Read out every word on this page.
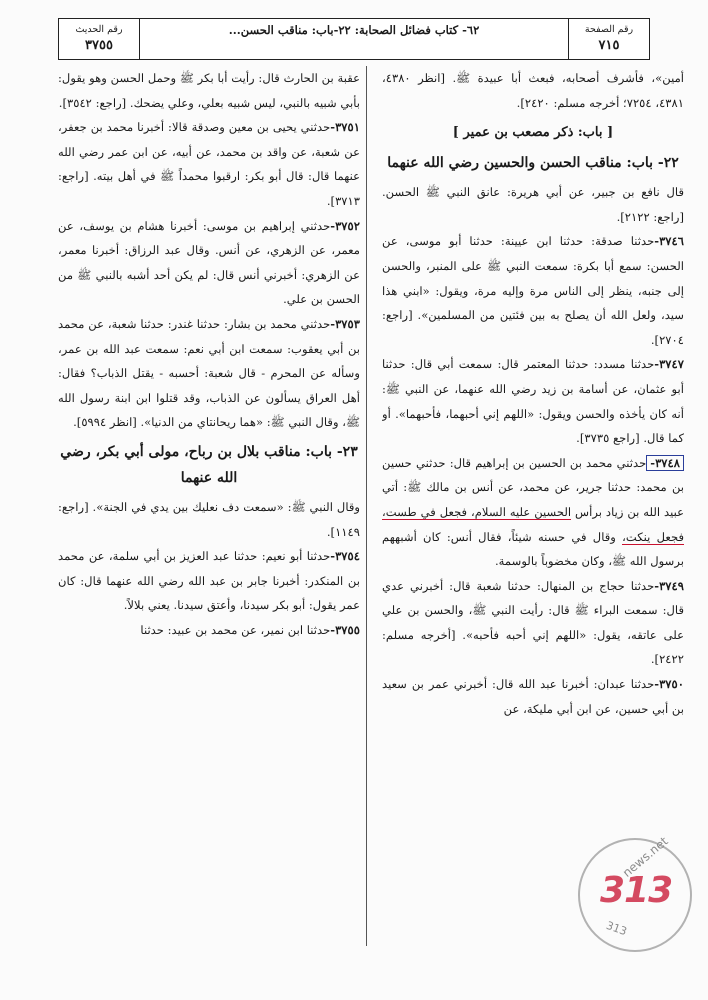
رقم الحديث
٣٧٥٥
٦٢- كتاب فضائل الصحابة: ٢٢-باب: مناقب الحسن...	رقم الصفحة
٧١٥

أمين»، فأشرف أصحابه، فبعث أبا عبيدة ﷺ. [انظر ٤٣٨٠، ٤٣٨١، ٧٢٥٤؛ أخرجه مسلم: ٢٤٢٠].

[ باب: ذكر مصعب بن عمير ]
٢٢- باب: مناقب الحسن والحسين رضي الله عنهما

قال نافع بن جبير، عن أبي هريرة: عانق النبي ﷺ الحسن. [راجع: ٢١٢٢].

٣٧٤٦-حدثنا صدقة: حدثنا ابن عيينة: حدثنا أبو موسى، عن الحسن: سمع أبا بكرة: سمعت النبي ﷺ على المنبر، والحسن إلى جنبه، ينظر إلى الناس مرة وإليه مرة، ويقول: «ابني هذا سيد، ولعل الله أن يصلح به بين فئتين من المسلمين». [راجع: ٢٧٠٤].

٣٧٤٧-حدثنا مسدد: حدثنا المعتمر قال: سمعت أبي قال: حدثنا أبو عثمان، عن أسامة بن زيد رضي الله عنهما، عن النبي ﷺ: أنه كان يأخذه والحسن ويقول: «اللهم إني أحبهما، فأحبهما». أو كما قال. [راجع ٣٧٣٥].

٣٧٤٨-حدثني محمد بن الحسين بن إبراهيم قال: حدثني حسين بن محمد: حدثنا جرير، عن محمد، عن أنس بن مالك ﷺ: أتي عبيد الله بن زياد برأس الحسين عليه السلام، فجعل في طست، فجعل ينكت، وقال في حسنه شيئاً، فقال أنس: كان أشبههم برسول الله ﷺ، وكان مخضوباً بالوسمة.

٣٧٤٩-حدثنا حجاج بن المنهال: حدثنا شعبة قال: أخبرني عدي قال: سمعت البراء ﷺ قال: رأيت النبي ﷺ، والحسن بن علي على عاتقه، يقول: «اللهم إني أحبه فأحبه». [أخرجه مسلم: ٢٤٢٢].

٣٧٥٠-حدثنا عبدان: أخبرنا عبد الله قال: أخبرني عمر بن سعيد بن أبي حسين، عن ابن أبي مليكة، عن

عقبة بن الحارث قال: رأيت أبا بكر ﷺ وحمل الحسن وهو يقول: بأبي شبيه بالنبي، ليس شبيه بعلي، وعلي يضحك. [راجع: ٣٥٤٢].

٣٧٥١-حدثني يحيى بن معين وصدقة قالا: أخبرنا محمد بن جعفر، عن شعبة، عن واقد بن محمد، عن أبيه، عن ابن عمر رضي الله عنهما قال: قال أبو بكر: ارقبوا محمداً ﷺ في أهل بيته. [راجع: ٣٧١٣].

٣٧٥٢-حدثني إبراهيم بن موسى: أخبرنا هشام بن يوسف، عن معمر، عن الزهري، عن أنس. وقال عبد الرزاق: أخبرنا معمر، عن الزهري: أخبرني أنس قال: لم يكن أحد أشبه بالنبي ﷺ من الحسن بن علي.

٣٧٥٣-حدثني محمد بن بشار: حدثنا غندر: حدثنا شعبة، عن محمد بن أبي يعقوب: سمعت ابن أبي نعم: سمعت عبد الله بن عمر، وسأله عن المحرم - قال شعبة: أحسبه - يقتل الذباب؟ فقال: أهل العراق يسألون عن الذباب، وقد قتلوا ابن ابنة رسول الله ﷺ، وقال النبي ﷺ: «هما ريحانتاي من الدنيا». [انظر ٥٩٩٤].

٢٣- باب: مناقب بلال بن رباح، مولى أبي بكر، رضي الله عنهما

وقال النبي ﷺ: «سمعت دف نعليك بين يدي في الجنة». [راجع: ١١٤٩].

٣٧٥٤-حدثنا أبو نعيم: حدثنا عبد العزيز بن أبي سلمة، عن محمد بن المنكدر: أخبرنا جابر بن عبد الله رضي الله عنهما قال: كان عمر يقول: أبو بكر سيدنا، وأعتق سيدنا. يعني بلالاً.

٣٧٥٥-حدثنا ابن نمير، عن محمد بن عبيد: حدثنا

news.net
313
313
